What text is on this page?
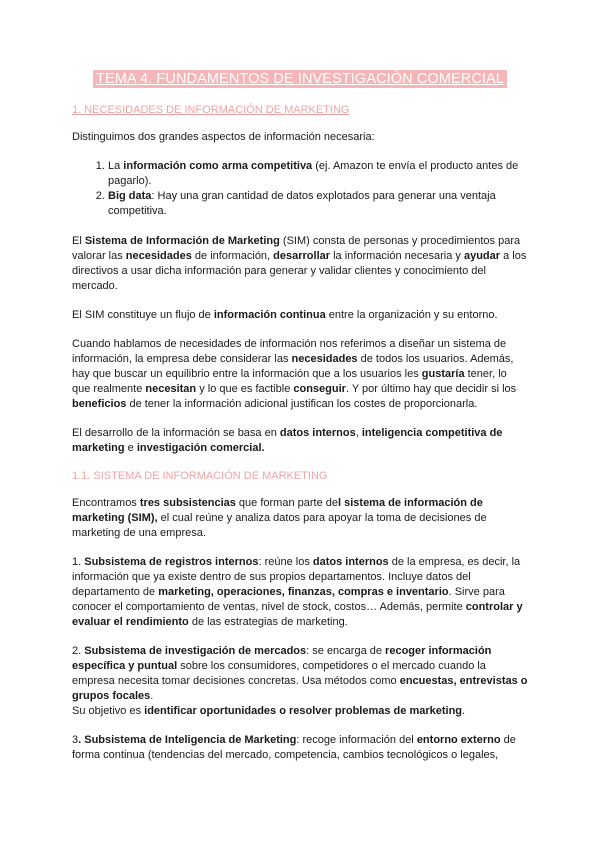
TEMA 4. FUNDAMENTOS DE INVESTIGACIÓN COMERCIAL
1. NECESIDADES DE INFORMACIÓN DE MARKETING

Distinguimos dos grandes aspectos de información necesaria:

1. La información como arma competitiva (ej. Amazon te envía el producto antes de pagarlo).
2. Big data: Hay una gran cantidad de datos explotados para generar una ventaja competitiva.

El Sistema de Información de Marketing (SIM) consta de personas y procedimientos para valorar las necesidades de información, desarrollar la información necesaria y ayudar a los directivos a usar dicha información para generar y validar clientes y conocimiento del mercado.

El SIM constituye un flujo de información continua entre la organización y su entorno.

Cuando hablamos de necesidades de información nos referimos a diseñar un sistema de información, la empresa debe considerar las necesidades de todos los usuarios. Además, hay que buscar un equilibrio entre la información que a los usuarios les gustaría tener, lo que realmente necesitan y lo que es factible conseguir. Y por último hay que decidir si los beneficios de tener la información adicional justifican los costes de proporcionarla.

El desarrollo de la información se basa en datos internos, inteligencia competitiva de marketing e investigación comercial.

1.1. SISTEMA DE INFORMACIÓN DE MARKETING

Encontramos tres subsistencias que forman parte del sistema de información de marketing (SIM), el cual reúne y analiza datos para apoyar la toma de decisiones de marketing de una empresa.

1. Subsistema de registros internos: reúne los datos internos de la empresa, es decir, la información que ya existe dentro de sus propios departamentos. Incluye datos del departamento de marketing, operaciones, finanzas, compras e inventario. Sirve para conocer el comportamiento de ventas, nivel de stock, costos… Además, permite controlar y evaluar el rendimiento de las estrategias de marketing.

2. Subsistema de investigación de mercados: se encarga de recoger información específica y puntual sobre los consumidores, competidores o el mercado cuando la empresa necesita tomar decisiones concretas. Usa métodos como encuestas, entrevistas o grupos focales.
Su objetivo es identificar oportunidades o resolver problemas de marketing.

3. Subsistema de Inteligencia de Marketing: recoge información del entorno externo de forma continua (tendencias del mercado, competencia, cambios tecnológicos o legales,
